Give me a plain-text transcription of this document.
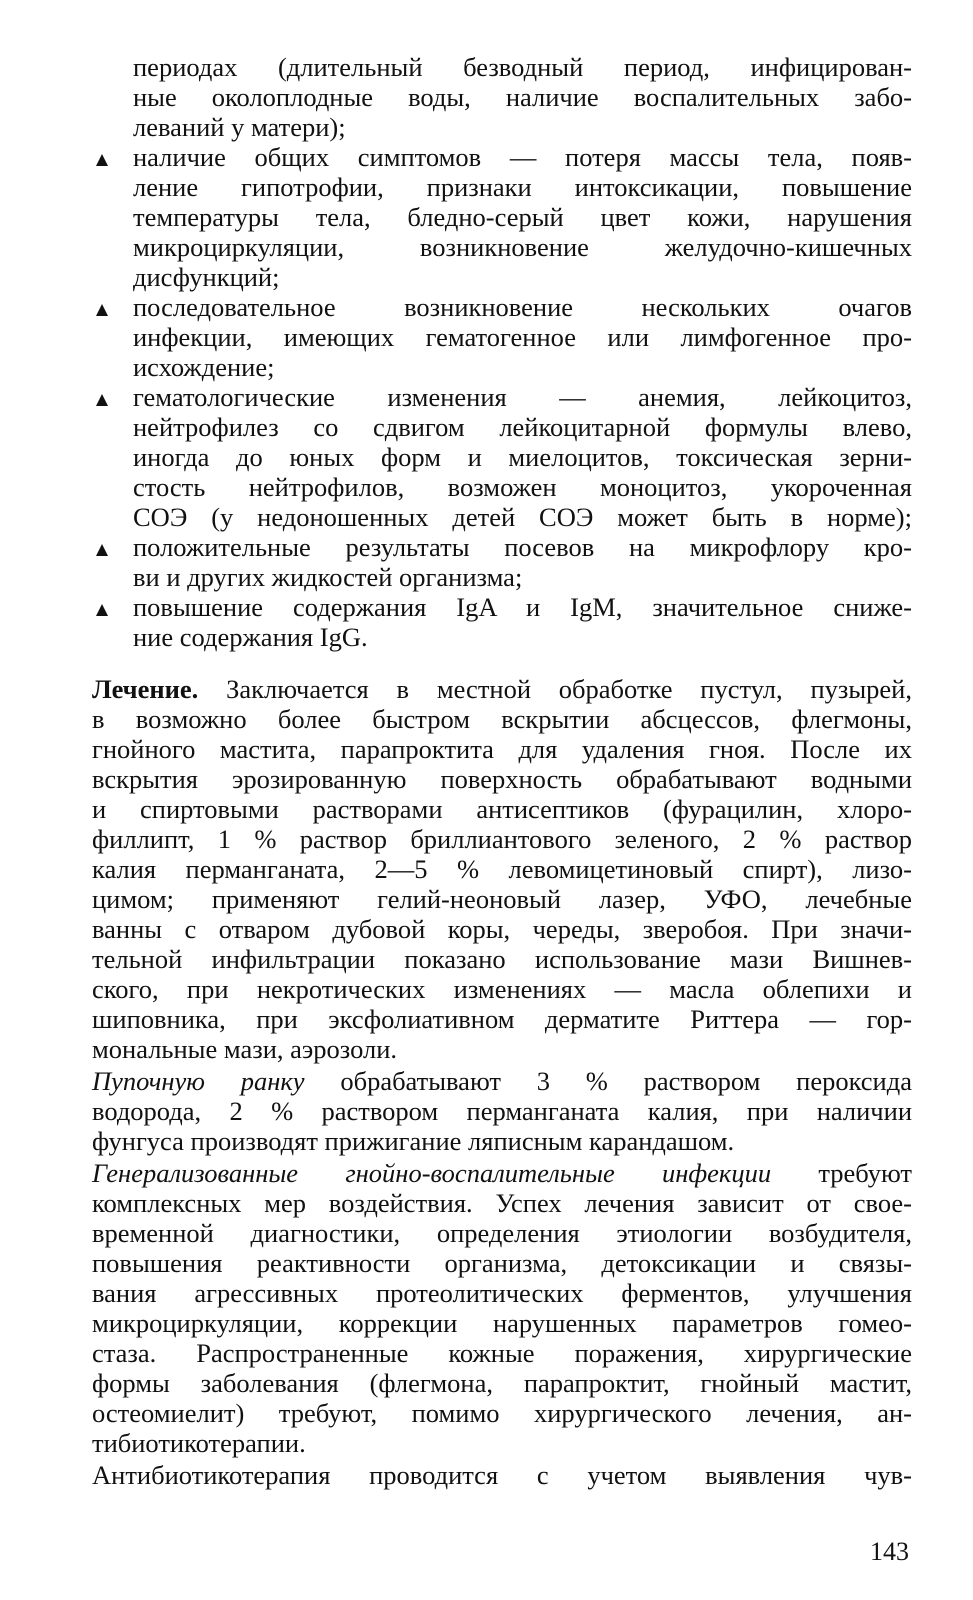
периодах (длительный безводный период, инфицирован-
ные околоплодные воды, наличие воспалительных забо-
леваний у матери);
наличие общих симптомов — потеря массы тела, появ-
ление гипотрофии, признаки интоксикации, повышение
температуры тела, бледно-серый цвет кожи, нарушения
микроциркуляции, возникновение желудочно-кишечных
дисфункций;
последовательное возникновение нескольких очагов
инфекции, имеющих гематогенное или лимфогенное про-
исхождение;
гематологические изменения — анемия, лейкоцитоз,
нейтрофилез со сдвигом лейкоцитарной формулы влево,
иногда до юных форм и миелоцитов, токсическая зерни-
стость нейтрофилов, возможен моноцитоз, укороченная
СОЭ (у недоношенных детей СОЭ может быть в норме);
положительные результаты посевов на микрофлору кро-
ви и других жидкостей организма;
повышение содержания IgA и IgM, значительное сниже-
ние содержания IgG.
Лечение. Заключается в местной обработке пустул, пузырей,
в возможно более быстром вскрытии абсцессов, флегмоны,
гнойного мастита, парапроктита для удаления гноя. После их
вскрытия эрозированную поверхность обрабатывают водными
и спиртовыми растворами антисептиков (фурацилин, хлоро-
филлипт, 1 % раствор бриллиантового зеленого, 2 % раствор
калия перманганата, 2—5 % левомицетиновый спирт), лизо-
цимом; применяют гелий-неоновый лазер, УФО, лечебные
ванны с отваром дубовой коры, череды, зверобоя. При значи-
тельной инфильтрации показано использование мази Вишнев-
ского, при некротических изменениях — масла облепихи и
шиповника, при эксфолиативном дерматите Риттера — гор-
мональные мази, аэрозоли.
Пупочную ранку обрабатывают 3 % раствором пероксида
водорода, 2 % раствором перманганата калия, при наличии
фунгуса производят прижигание ляписным карандашом.
Генерализованные гнойно-воспалительные инфекции требуют
комплексных мер воздействия. Успех лечения зависит от свое-
временной диагностики, определения этиологии возбудителя,
повышения реактивности организма, детоксикации и связы-
вания агрессивных протеолитических ферментов, улучшения
микроциркуляции, коррекции нарушенных параметров гомео-
стаза. Распространенные кожные поражения, хирургические
формы заболевания (флегмона, парапроктит, гнойный мастит,
остеомиелит) требуют, помимо хирургического лечения, ан-
тибиотикотерапии.
Антибиотикотерапия проводится с учетом выявления чув-
143
